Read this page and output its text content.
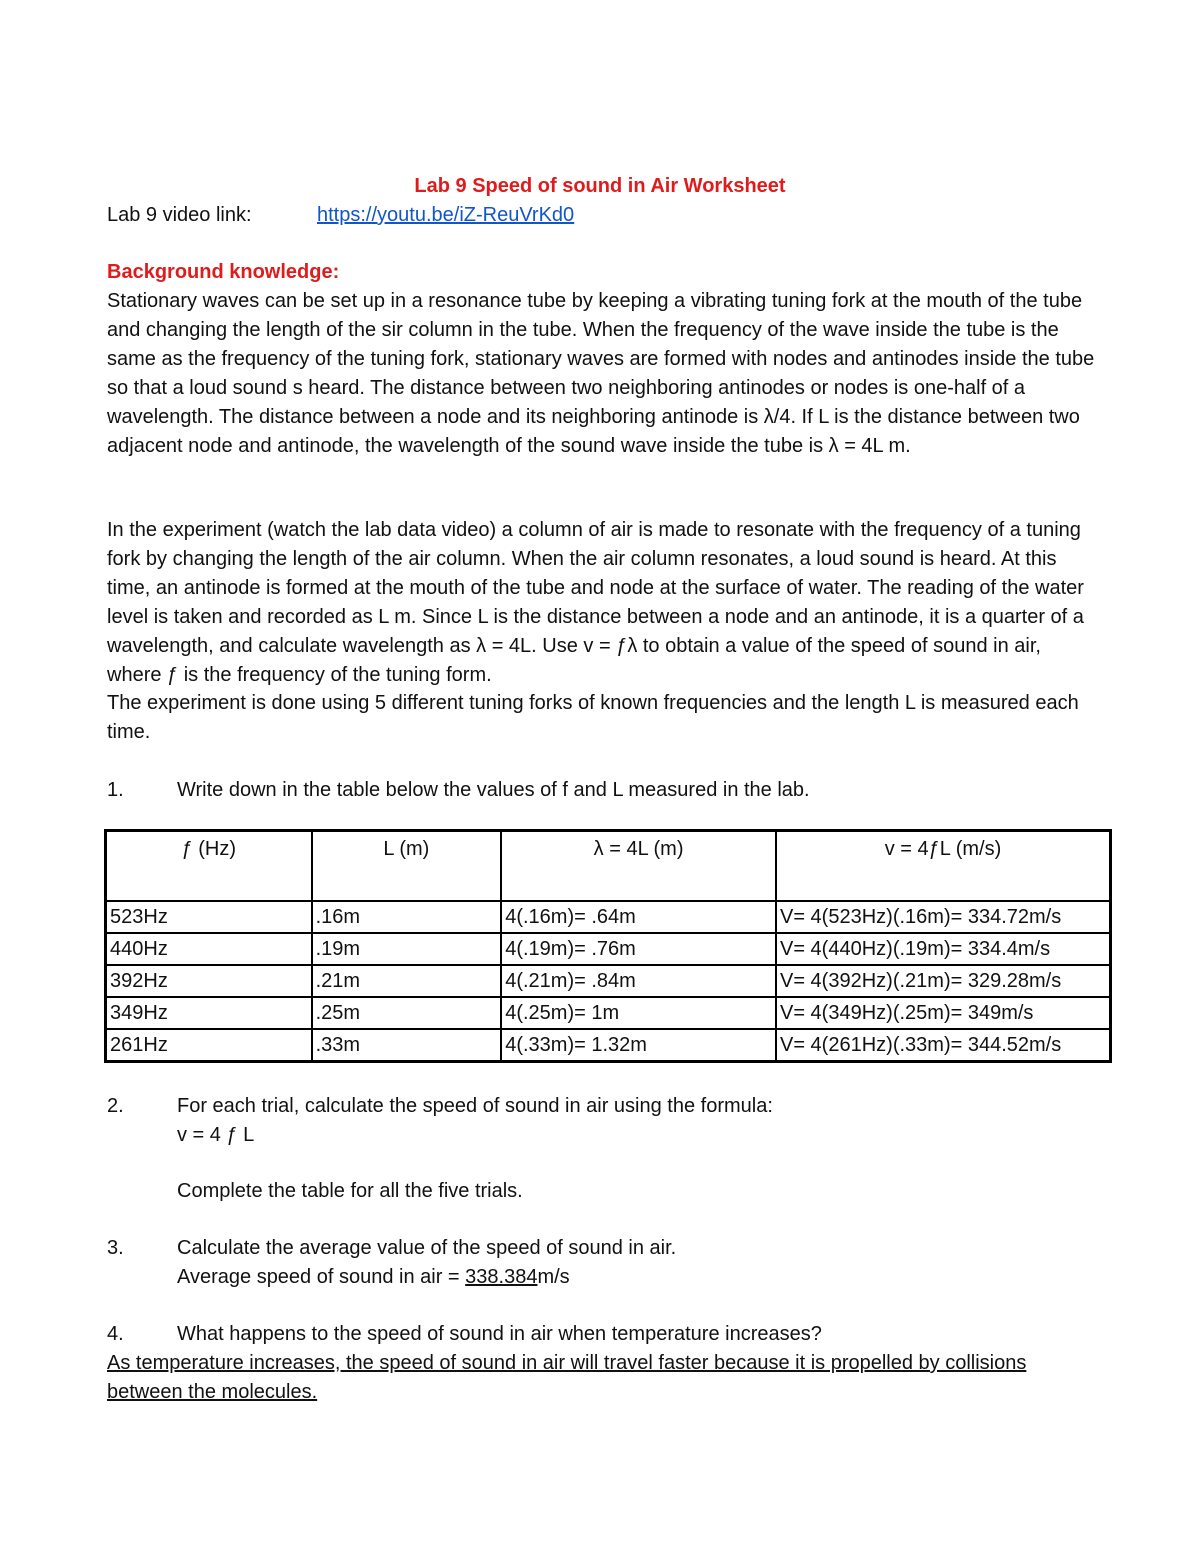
Lab 9 Speed of sound in Air Worksheet
Lab 9 video link:	https://youtu.be/iZ-ReuVrKd0
Background knowledge:
Stationary waves can be set up in a resonance tube by keeping a vibrating tuning fork at the mouth of the tube and changing the length of the sir column in the tube. When the frequency of the wave inside the tube is the same as the frequency of the tuning fork, stationary waves are formed with nodes and antinodes inside the tube so that a loud sound s heard. The distance between two neighboring antinodes or nodes is one-half of a wavelength. The distance between a node and its neighboring antinode is λ/4. If L is the distance between two adjacent node and antinode, the wavelength of the sound wave inside the tube is λ = 4L m.
In the experiment (watch the lab data video) a column of air is made to resonate with the frequency of a tuning fork by changing the length of the air column. When the air column resonates, a loud sound is heard. At this time, an antinode is formed at the mouth of the tube and node at the surface of water. The reading of the water level is taken and recorded as L m. Since L is the distance between a node and an antinode, it is a quarter of a wavelength, and calculate wavelength as λ = 4L. Use v = ƒλ to obtain a value of the speed of sound in air, where ƒ is the frequency of the tuning form.
The experiment is done using 5 different tuning forks of known frequencies and the length L is measured each time.
1.	Write down in the table below the values of f and L measured in the lab.
ƒ (Hz)	L (m)	λ = 4L (m)	v = 4ƒL (m/s)
523Hz	.16m	4(.16m)= .64m	V= 4(523Hz)(.16m)= 334.72m/s
440Hz	.19m	4(.19m)= .76m	V= 4(440Hz)(.19m)= 334.4m/s
392Hz	.21m	4(.21m)= .84m	V= 4(392Hz)(.21m)= 329.28m/s
349Hz	.25m	4(.25m)= 1m	V= 4(349Hz)(.25m)= 349m/s
261Hz	.33m	4(.33m)= 1.32m	V= 4(261Hz)(.33m)= 344.52m/s
2.	For each trial, calculate the speed of sound in air using the formula:
v = 4 ƒ L
Complete the table for all the five trials.
3.	Calculate the average value of the speed of sound in air.
Average speed of sound in air = 338.384m/s
4.	What happens to the speed of sound in air when temperature increases?
As temperature increases, the speed of sound in air will travel faster because it is propelled by collisions between the molecules.
